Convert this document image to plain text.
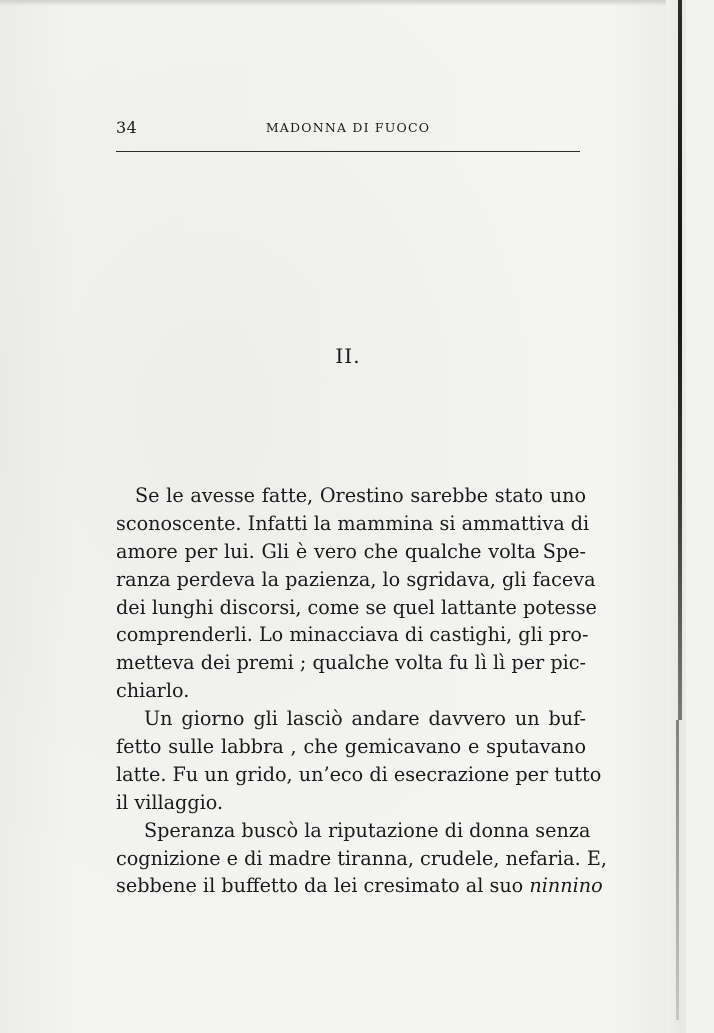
34	MADONNA DI FUOCO
II.
Se le avesse fatte, Orestino sarebbe stato uno
sconoscente. Infatti la mammina si ammattiva di
amore per lui. Gli è vero che qualche volta Spe-
ranza perdeva la pazienza, lo sgridava, gli faceva
dei lunghi discorsi, come se quel lattante potesse
comprenderli. Lo minacciava di castighi, gli pro-
metteva dei premi ; qualche volta fu lì lì per pic-
chiarlo.
Un giorno gli lasciò andare davvero un buf-
fetto sulle labbra , che gemicavano e sputavano
latte. Fu un grido, un’eco di esecrazione per tutto
il villaggio.
Speranza buscò la riputazione di donna senza
cognizione e di madre tiranna, crudele, nefaria. E,
sebbene il buffetto da lei cresimato al suo ninnino
